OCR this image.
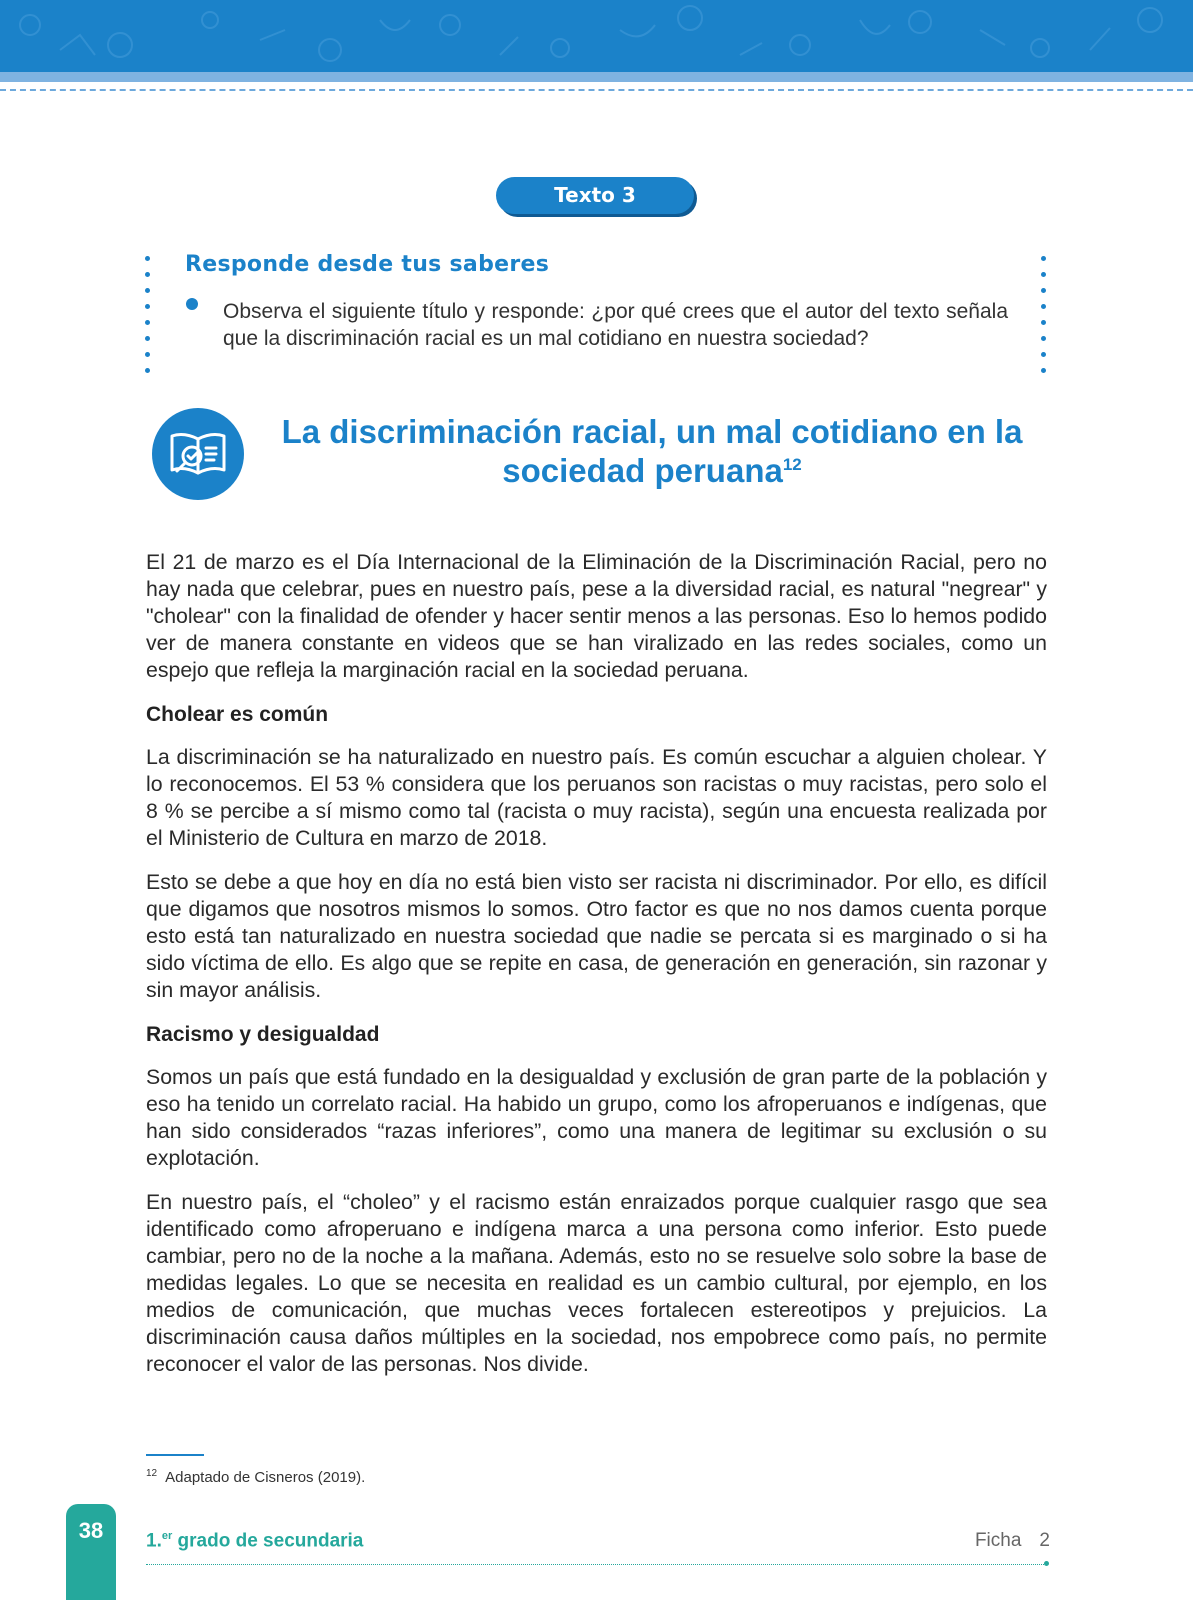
Texto 3
Responde desde tus saberes
Observa el siguiente título y responde: ¿por qué crees que el autor del texto señala que la discriminación racial es un mal cotidiano en nuestra sociedad?
La discriminación racial, un mal cotidiano en la sociedad peruana$^{12}$

El 21 de marzo es el Día Internacional de la Eliminación de la Discriminación Racial, pero no hay nada que celebrar, pues en nuestro país, pese a la diversidad racial, es natural "negrear" y "cholear" con la finalidad de ofender y hacer sentir menos a las personas. Eso lo hemos podido ver de manera constante en videos que se han viralizado en las redes sociales, como un espejo que refleja la marginación racial en la sociedad peruana.

Cholear es común

La discriminación se ha naturalizado en nuestro país. Es común escuchar a alguien cholear. Y lo reconocemos. El 53 % considera que los peruanos son racistas o muy racistas, pero solo el 8 % se percibe a sí mismo como tal (racista o muy racista), según una encuesta realizada por el Ministerio de Cultura en marzo de 2018.

Esto se debe a que hoy en día no está bien visto ser racista ni discriminador. Por ello, es difícil que digamos que nosotros mismos lo somos. Otro factor es que no nos damos cuenta porque esto está tan naturalizado en nuestra sociedad que nadie se percata si es marginado o si ha sido víctima de ello. Es algo que se repite en casa, de generación en generación, sin razonar y sin mayor análisis.

Racismo y desigualdad

Somos un país que está fundado en la desigualdad y exclusión de gran parte de la población y eso ha tenido un correlato racial. Ha habido un grupo, como los afroperuanos e indígenas, que han sido considerados “razas inferiores”, como una manera de legitimar su exclusión o su explotación.

En nuestro país, el “choleo” y el racismo están enraizados porque cualquier rasgo que sea identificado como afroperuano e indígena marca a una persona como inferior. Esto puede cambiar, pero no de la noche a la mañana. Además, esto no se resuelve solo sobre la base de medidas legales. Lo que se necesita en realidad es un cambio cultural, por ejemplo, en los medios de comunicación, que muchas veces fortalecen estereotipos y prejuicios. La discriminación causa daños múltiples en la sociedad, nos empobrece como país, no permite reconocer el valor de las personas. Nos divide.

$^{12}$ Adaptado de Cisneros (2019).
38	1.$^{er}$ grado de secundaria	Ficha 2
